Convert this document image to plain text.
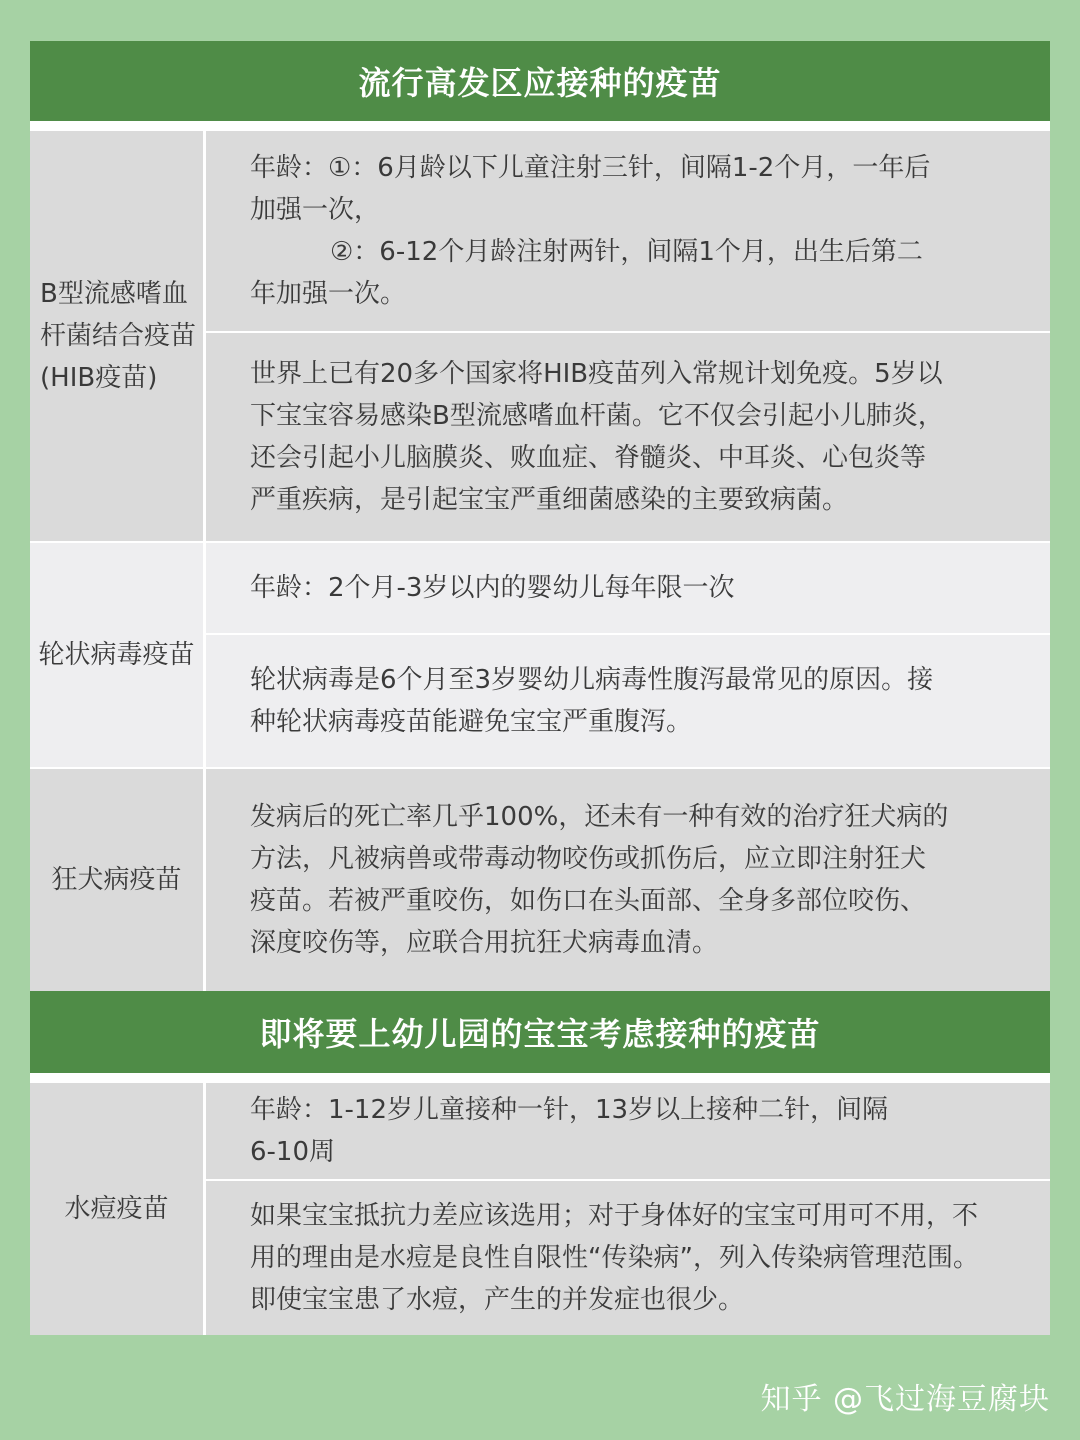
流行高发区应接种的疫苗
B型流感嗜血杆菌结合疫苗(HIB疫苗)
年龄：①：6月龄以下儿童注射三针，间隔1-2个月，一年后
加强一次，
②：6-12个月龄注射两针，间隔1个月，出生后第二
年加强一次。
世界上已有20多个国家将HIB疫苗列入常规计划免疫。5岁以
下宝宝容易感染B型流感嗜血杆菌。它不仅会引起小儿肺炎，
还会引起小儿脑膜炎、败血症、脊髓炎、中耳炎、心包炎等
严重疾病，是引起宝宝严重细菌感染的主要致病菌。
轮状病毒疫苗
年龄：2个月-3岁以内的婴幼儿每年限一次
轮状病毒是6个月至3岁婴幼儿病毒性腹泻最常见的原因。接
种轮状病毒疫苗能避免宝宝严重腹泻。
狂犬病疫苗
发病后的死亡率几乎100%，还未有一种有效的治疗狂犬病的
方法，凡被病兽或带毒动物咬伤或抓伤后，应立即注射狂犬
疫苗。若被严重咬伤，如伤口在头面部、全身多部位咬伤、
深度咬伤等，应联合用抗狂犬病毒血清。
即将要上幼儿园的宝宝考虑接种的疫苗
水痘疫苗
年龄：1-12岁儿童接种一针，13岁以上接种二针，间隔
6-10周
如果宝宝抵抗力差应该选用；对于身体好的宝宝可用可不用，不
用的理由是水痘是良性自限性“传染病”，列入传染病管理范围。
即使宝宝患了水痘，产生的并发症也很少。
知乎 @飞过海豆腐块
